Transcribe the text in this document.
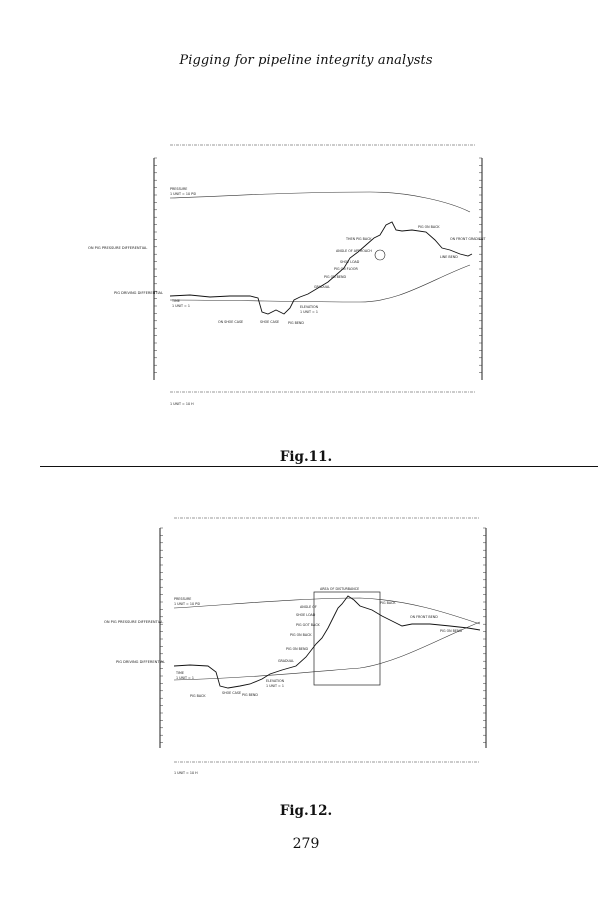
Pigging for pipeline integrity analysts
ON PIG PRESSURE DIFFERENTIAL
PIG DRIVING DIFFERENTIAL
PRESSURE
1 UNIT = 10 PSI
ELEVATION
1 UNIT = 1
TIME
1 UNIT = 1
ON SHOE CASE	SHOE CASE
GRADUAL
PIG ON BEND
PIG ON FLOOR
ANGLE OF APPROACH
THEN PIG BACK
SHOE LOAD
PIG ON BACK
ON FRONT GRADIENT
PIG BEND
LINE BEND
1 UNIT = 10 H
Fig.11.
ON PIG PRESSURE DIFFERENTIAL
PIG DRIVING DIFFERENTIAL
PRESSURE
1 UNIT = 10 PSI
AREA OF DISTURBANCE
ELEVATION
1 UNIT = 1
TIME
1 UNIT = 1
PIG BACK
SHOE CASE
GRADUAL
PIG ON BEND
PIG ON BACK
PIG GOT BACK
SHOE LOAD
ANGLE OF
PIG BACK
ON FRONT BEND
PIG BEND
PIG ON BEND
1 UNIT = 10 H
Fig.12.
279
